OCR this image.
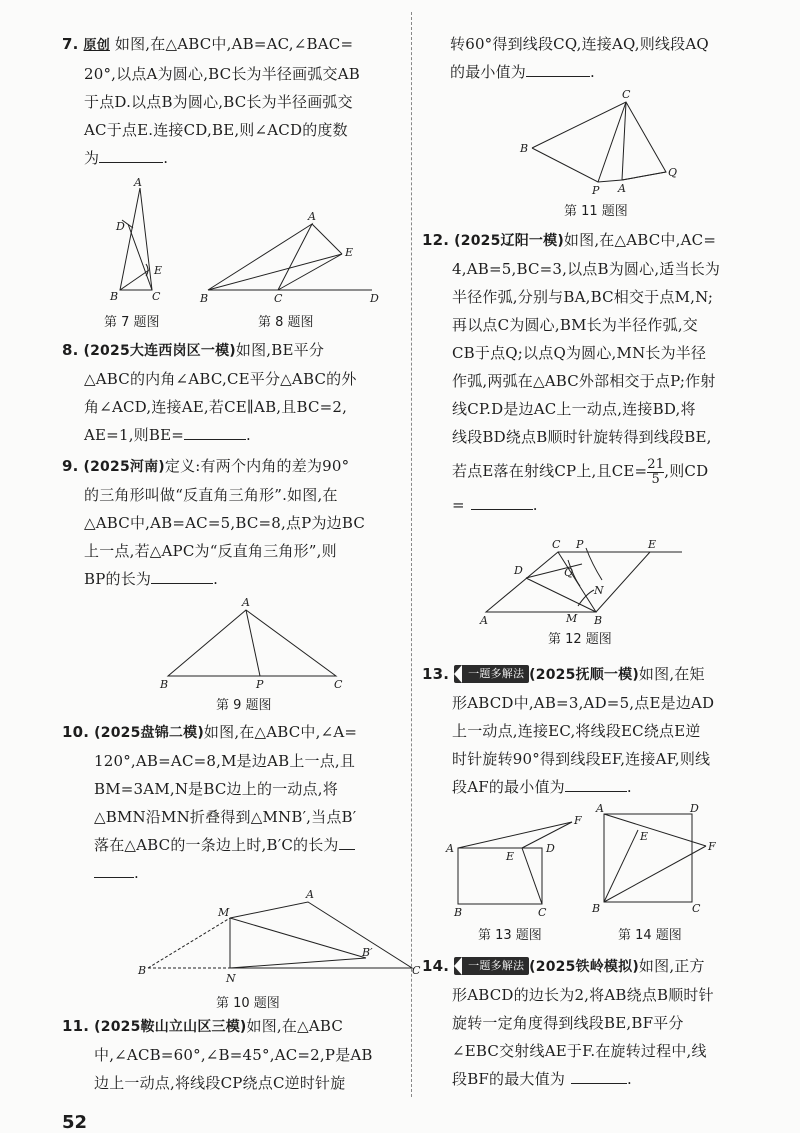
7. 原创 如图,在△ABC中,AB=AC,∠BAC=
20°,以点A为圆心,BC长为半径画弧交AB
于点D.以点B为圆心,BC长为半径画弧交
AC于点E.连接CD,BE,则∠ACD的度数
为	.
A
D
E
B	C
第 7 题图
A
E
B	C	D
第 8 题图
8. (2025大连西岗区一模)如图,BE平分
△ABC的内角∠ABC,CE平分△ABC的外
角∠ACD,连接AE,若CE∥AB,且BC=2,
AE=1,则BE=	.
9. (2025河南)定义:有两个内角的差为90°
的三角形叫做“反直角三角形”.如图,在
△ABC中,AB=AC=5,BC=8,点P为边BC
上一点,若△APC为“反直角三角形”,则
BP的长为	.
A
B	P	C
第 9 题图
10. (2025盘锦二模)如图,在△ABC中,∠A=
120°,AB=AC=8,M是边AB上一点,且
BM=3AM,N是BC边上的一动点,将
△BMN沿MN折叠得到△MNB′,当点B′
落在△ABC的一条边上时,B′C的长为
.
A
M
B
N
B′
C
第 10 题图
11. (2025鞍山立山区三模)如图,在△ABC
中,∠ACB=60°,∠B=45°,AC=2,P是AB
边上一动点,将线段CP绕点C逆时针旋
转60°得到线段CQ,连接AQ,则线段AQ
的最小值为	.
C
B
P A
Q
第 11 题图
12. (2025辽阳一模)如图,在△ABC中,AC=
4,AB=5,BC=3,以点B为圆心,适当长为
半径作弧,分别与BA,BC相交于点M,N;
再以点C为圆心,BM长为半径作弧,交
CB于点Q;以点Q为圆心,MN长为半径
作弧,两弧在△ABC外部相交于点P;作射
线CP.D是边AC上一动点,连接BD,将
线段BD绕点B顺时针旋转得到线段BE,
若点E落在射线CP上,且$CE= \frac{21}{5}$ ,则CD
=	.
C P	E
D	Q
N
A	M B
第 12 题图
13. 一题多解法 (2025抚顺一模)如图,在矩
形ABCD中,AB=3,AD=5,点E是边AD
上一动点,连接EC,将线段EC绕点E逆
时针旋转90°得到线段EF,连接AF,则线
段AF的最小值为	.
A
F
E
D
B	C
第 13 题图
A	D
E
F
B	C
第 14 题图
14. 一题多解法 (2025铁岭模拟)如图,正方
形ABCD的边长为2,将AB绕点B顺时针
旋转一定角度得到线段BE,BF平分
∠EBC交射线AE于F.在旋转过程中,线
段BF的最大值为	.
52
